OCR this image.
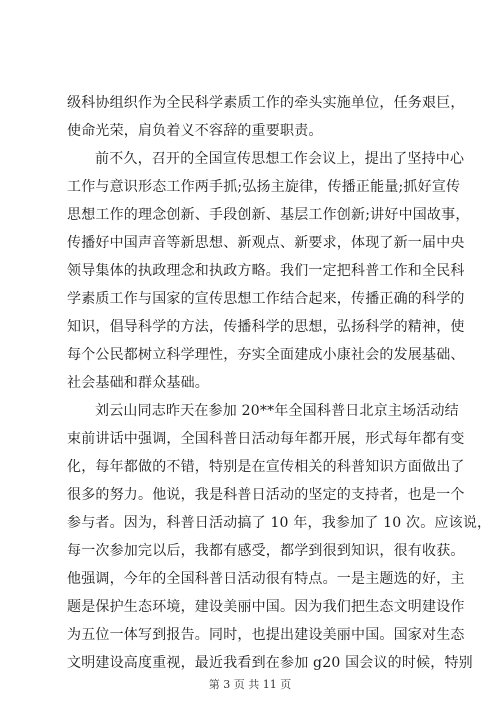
级科协组织作为全民科学素质工作的牵头实施单位，任务艰巨，
使命光荣，肩负着义不容辞的重要职责。
前不久，召开的全国宣传思想工作会议上，提出了坚持中心
工作与意识形态工作两手抓;弘扬主旋律，传播正能量;抓好宣传
思想工作的理念创新、手段创新、基层工作创新;讲好中国故事，
传播好中国声音等新思想、新观点、新要求，体现了新一届中央
领导集体的执政理念和执政方略。我们一定把科普工作和全民科
学素质工作与国家的宣传思想工作结合起来，传播正确的科学的
知识，倡导科学的方法，传播科学的思想，弘扬科学的精神，使
每个公民都树立科学理性，夯实全面建成小康社会的发展基础、
社会基础和群众基础。
刘云山同志昨天在参加 20**年全国科普日北京主场活动结
束前讲话中强调，全国科普日活动每年都开展，形式每年都有变
化，每年都做的不错，特别是在宣传相关的科普知识方面做出了
很多的努力。他说，我是科普日活动的坚定的支持者，也是一个
参与者。因为，科普日活动搞了 10 年，我参加了 10 次。应该说，
每一次参加完以后，我都有感受，都学到很到知识，很有收获。
他强调，今年的全国科普日活动很有特点。一是主题选的好，主
题是保护生态环境，建设美丽中国。因为我们把生态文明建设作
为五位一体写到报告。同时，也提出建设美丽中国。国家对生态
文明建设高度重视，最近我看到在参加 g20 国会议的时候，特别
第 3 页 共 11 页
